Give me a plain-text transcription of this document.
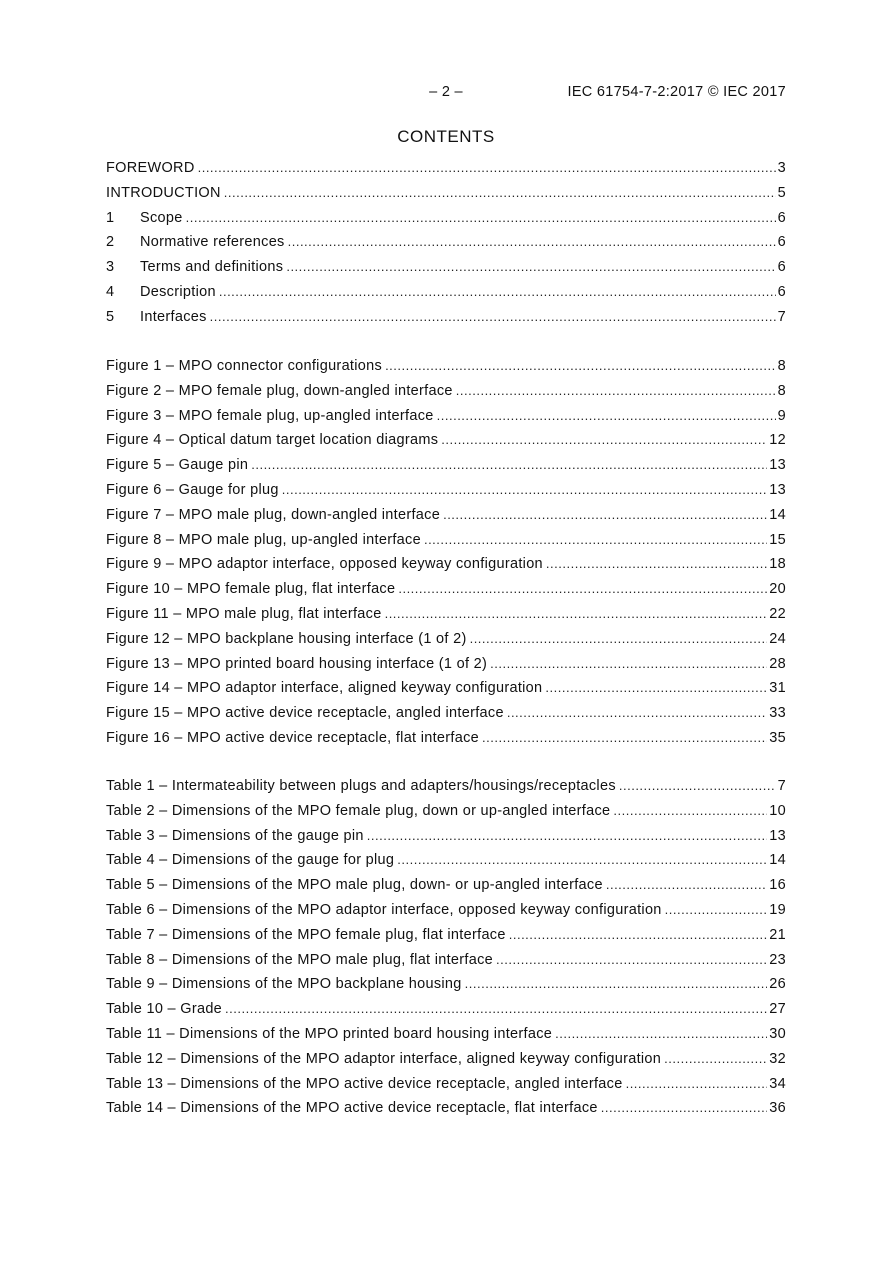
– 2 –	IEC 61754-7-2:2017 © IEC 2017
CONTENTS
FOREWORD .....	3
INTRODUCTION .....	5
1	Scope .....	6
2	Normative references .....	6
3	Terms and definitions .....	6
4	Description .....	6
5	Interfaces .....	7
Figure 1 – MPO connector configurations .....	8
Figure 2 – MPO female plug, down-angled interface .....	8
Figure 3 – MPO female plug, up-angled interface .....	9
Figure 4 – Optical datum target location diagrams .....	12
Figure 5 – Gauge pin .....	13
Figure 6 – Gauge for plug .....	13
Figure 7 – MPO male plug, down-angled interface .....	14
Figure 8 – MPO male plug, up-angled interface .....	15
Figure 9 – MPO adaptor interface, opposed keyway configuration .....	18
Figure 10 – MPO female plug, flat interface .....	20
Figure 11 – MPO male plug, flat interface .....	22
Figure 12 – MPO backplane housing interface (1 of 2) .....	24
Figure 13 – MPO printed board housing interface (1 of 2) .....	28
Figure 14 – MPO adaptor interface, aligned keyway configuration .....	31
Figure 15 – MPO active device receptacle, angled interface .....	33
Figure 16 – MPO active device receptacle, flat interface .....	35
Table 1 – Intermateability between plugs and adapters/housings/receptacles .....	7
Table 2 – Dimensions of the MPO female plug, down or up-angled interface .....	10
Table 3 – Dimensions of the gauge pin .....	13
Table 4 – Dimensions of the gauge for plug .....	14
Table 5 – Dimensions of the MPO male plug, down- or up-angled interface .....	16
Table 6 – Dimensions of the MPO adaptor interface, opposed keyway configuration .....	19
Table 7 – Dimensions of the MPO female plug, flat interface .....	21
Table 8 – Dimensions of the MPO male plug, flat interface .....	23
Table 9 – Dimensions of the MPO backplane housing .....	26
Table 10 – Grade .....	27
Table 11 – Dimensions of the MPO printed board housing interface .....	30
Table 12 – Dimensions of the MPO adaptor interface, aligned keyway configuration .....	32
Table 13 – Dimensions of the MPO active device receptacle, angled interface .....	34
Table 14 – Dimensions of the MPO active device receptacle, flat interface .....	36
